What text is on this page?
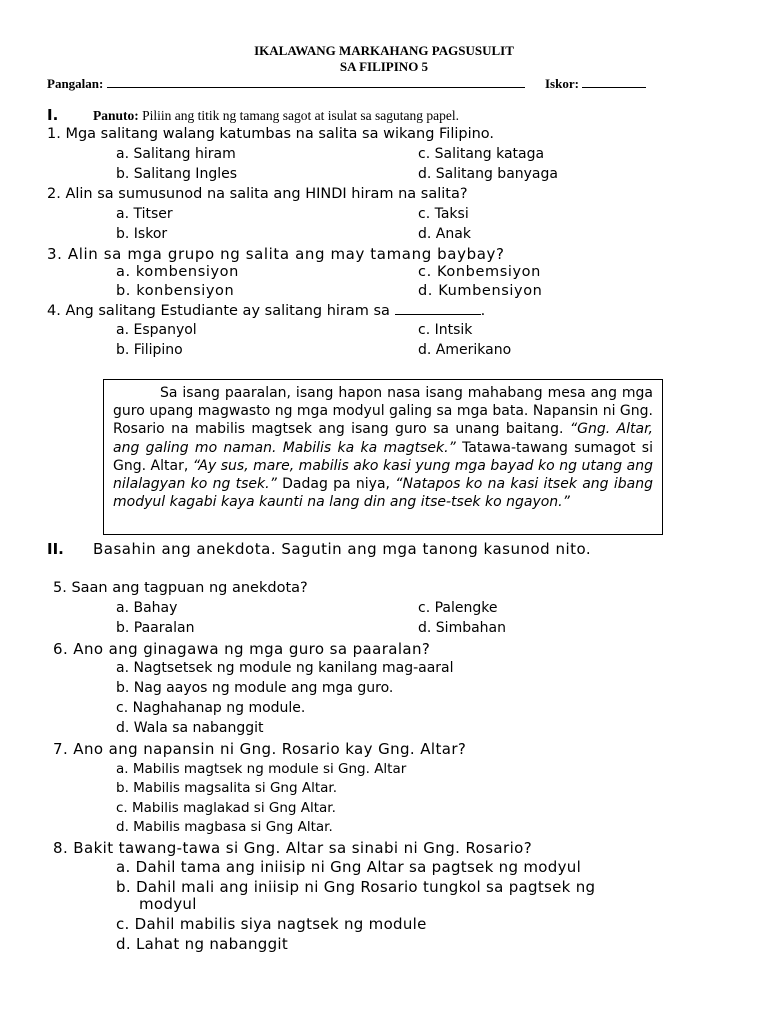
IKALAWANG MARKAHANG PAGSUSULIT
SA FILIPINO 5
Pangalan:	Iskor:
I.	Panuto: Piliin ang titik ng tamang sagot at isulat sa sagutang papel.
1. Mga salitang walang katumbas na salita sa wikang Filipino.
a. Salitang hiram	c. Salitang kataga
b. Salitang Ingles	d. Salitang banyaga
2. Alin sa sumusunod na salita ang HINDI hiram na salita?
a. Titser	c. Taksi
b. Iskor	d. Anak
3. Alin sa mga grupo ng salita ang may tamang baybay?
a. kombensiyon	c. Konbemsiyon
b. konbensiyon	d. Kumbensiyon
4. Ang salitang Estudiante ay salitang hiram sa	.
a. Espanyol	c. Intsik
b. Filipino	d. Amerikano

Sa isang paaralan, isang hapon nasa isang mahabang mesa ang mga guro upang magwasto ng mga modyul galing sa mga bata. Napansin ni Gng. Rosario na mabilis magtsek ang isang guro sa unang baitang. “Gng. Altar, ang galing mo naman. Mabilis ka ka magtsek.” Tatawa-tawang sumagot si Gng. Altar, “Ay sus, mare, mabilis ako kasi yung mga bayad ko ng utang ang nilalagyan ko ng tsek.” Dadag pa niya, “Natapos ko na kasi itsek ang ibang modyul kagabi kaya kaunti na lang din ang itse-tsek ko ngayon.”

II. Basahin ang anekdota. Sagutin ang mga tanong kasunod nito.
5. Saan ang tagpuan ng anekdota?
a. Bahay	c. Palengke
b. Paaralan	d. Simbahan
6. Ano ang ginagawa ng mga guro sa paaralan?
a. Nagtsetsek ng module ng kanilang mag-aaral
b. Nag aayos ng module ang mga guro.
c. Naghahanap ng module.
d. Wala sa nabanggit
7. Ano ang napansin ni Gng. Rosario kay Gng. Altar?
a. Mabilis magtsek ng module si Gng. Altar
b. Mabilis magsalita si Gng Altar.
c. Mabilis maglakad si Gng Altar.
d. Mabilis magbasa si Gng Altar.
8. Bakit tawang-tawa si Gng. Altar sa sinabi ni Gng. Rosario?
a. Dahil tama ang iniisip ni Gng Altar sa pagtsek ng modyul
b. Dahil mali ang iniisip ni Gng Rosario tungkol sa pagtsek ng
modyul
c. Dahil mabilis siya nagtsek ng module
d. Lahat ng nabanggit
